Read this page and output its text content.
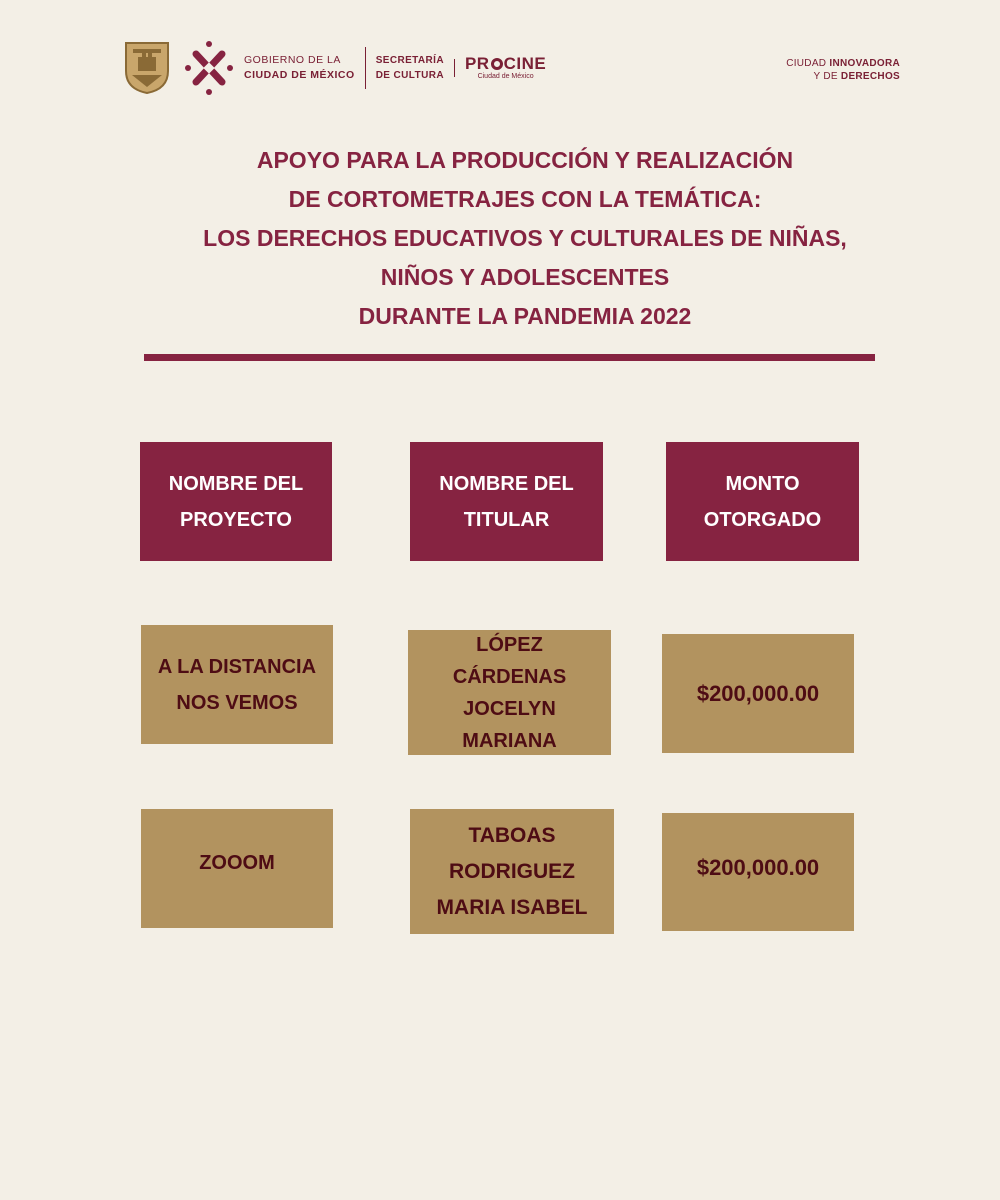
GOBIERNO DE LA
CIUDAD DE MÉXICO
SECRETARÍA
DE CULTURA
PR CINE
Ciudad de México
CIUDAD INNOVADORA
Y DE DERECHOS
APOYO PARA LA PRODUCCIÓN Y REALIZACIÓN
DE CORTOMETRAJES CON LA TEMÁTICA:
LOS DERECHOS EDUCATIVOS Y CULTURALES DE NIÑAS,
NIÑOS Y ADOLESCENTES
DURANTE LA PANDEMIA 2022
NOMBRE DEL
PROYECTO
NOMBRE DEL
TITULAR
MONTO
OTORGADO
A LA DISTANCIA
NOS VEMOS
LÓPEZ
CÁRDENAS
JOCELYN
MARIANA
$200,000.00
ZOOOM
TABOAS
RODRIGUEZ
MARIA ISABEL
$200,000.00
